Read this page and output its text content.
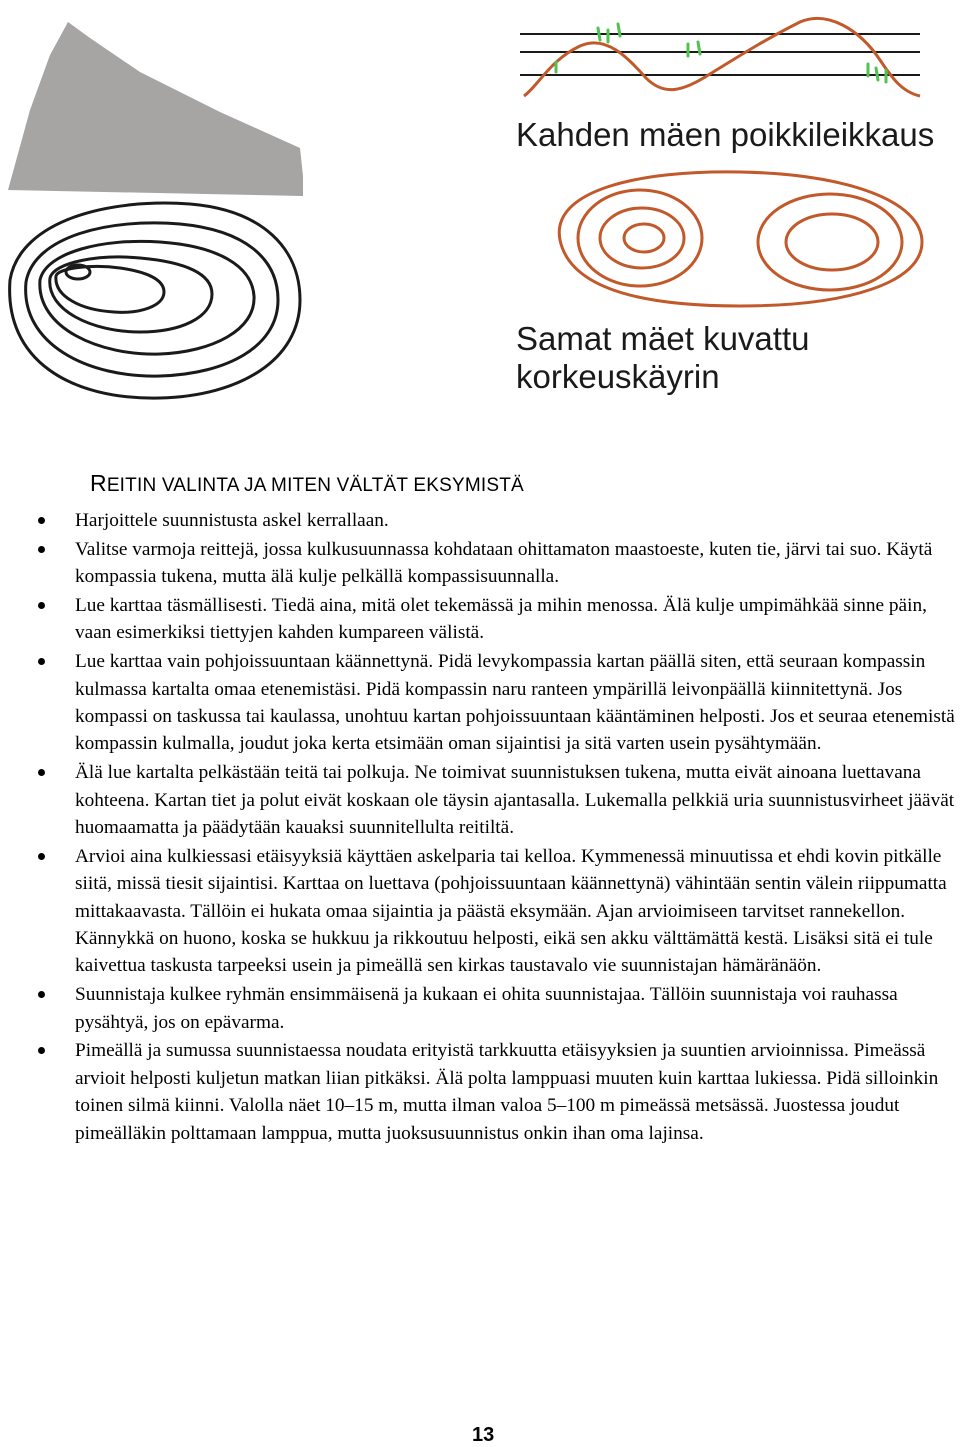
Kahden mäen poikkileikkaus
Samat mäet kuvattu
korkeuskäyrin
REITIN VALINTA JA MITEN VÄLTÄT EKSYMISTÄ
Harjoittele suunnistusta askel kerrallaan.
Valitse varmoja reittejä, jossa kulkusuunnassa kohdataan ohittamaton maastoeste, kuten tie, järvi tai suo. Käytä kompassia tukena, mutta älä kulje pelkällä kompassisuunnalla.
Lue karttaa täsmällisesti. Tiedä aina, mitä olet tekemässä ja mihin menossa. Älä kulje umpimähkää sinne päin, vaan esimerkiksi tiettyjen kahden kumpareen välistä.
Lue karttaa vain pohjoissuuntaan käännettynä. Pidä levykompassia kartan päällä siten, että seuraan kompassin kulmassa kartalta omaa etenemistäsi. Pidä kompassin naru ranteen ympärillä leivonpäällä kiinnitettynä. Jos kompassi on taskussa tai kaulassa, unohtuu kartan pohjoissuuntaan kääntäminen helposti. Jos et seuraa etenemistä kompassin kulmalla, joudut joka kerta etsimään oman sijaintisi ja sitä varten usein pysähtymään.
Älä lue kartalta pelkästään teitä tai polkuja. Ne toimivat suunnistuksen tukena, mutta eivät ainoana luettavana kohteena. Kartan tiet ja polut eivät koskaan ole täysin ajantasalla. Lukemalla pelkkiä uria suunnistusvirheet jäävät huomaamatta ja päädytään kauaksi suunnitellulta reitiltä.
Arvioi aina kulkiessasi etäisyyksiä käyttäen askelparia tai kelloa. Kymmenessä minuutissa et ehdi kovin pitkälle siitä, missä tiesit sijaintisi. Karttaa on luettava (pohjoissuuntaan käännettynä) vähintään sentin välein riippumatta mittakaavasta. Tällöin ei hukata omaa sijaintia ja päästä eksymään. Ajan arvioimiseen tarvitset rannekellon. Kännykkä on huono, koska se hukkuu ja rikkoutuu helposti, eikä sen akku välttämättä kestä. Lisäksi sitä ei tule kaivettua taskusta tarpeeksi usein ja pimeällä sen kirkas taustavalo vie suunnistajan hämäränäön.
Suunnistaja kulkee ryhmän ensimmäisenä ja kukaan ei ohita suunnistajaa. Tällöin suunnistaja voi rauhassa pysähtyä, jos on epävarma.
Pimeällä ja sumussa suunnistaessa noudata erityistä tarkkuutta etäisyyksien ja suuntien arvioinnissa. Pimeässä arvioit helposti kuljetun matkan liian pitkäksi. Älä polta lamppuasi muuten kuin karttaa lukiessa. Pidä silloinkin toinen silmä kiinni. Valolla näet 10–15 m, mutta ilman valoa 5–100 m pimeässä metsässä. Juostessa joudut pimeälläkin polttamaan lamppua, mutta juoksusuunnistus onkin ihan oma lajinsa.
13
